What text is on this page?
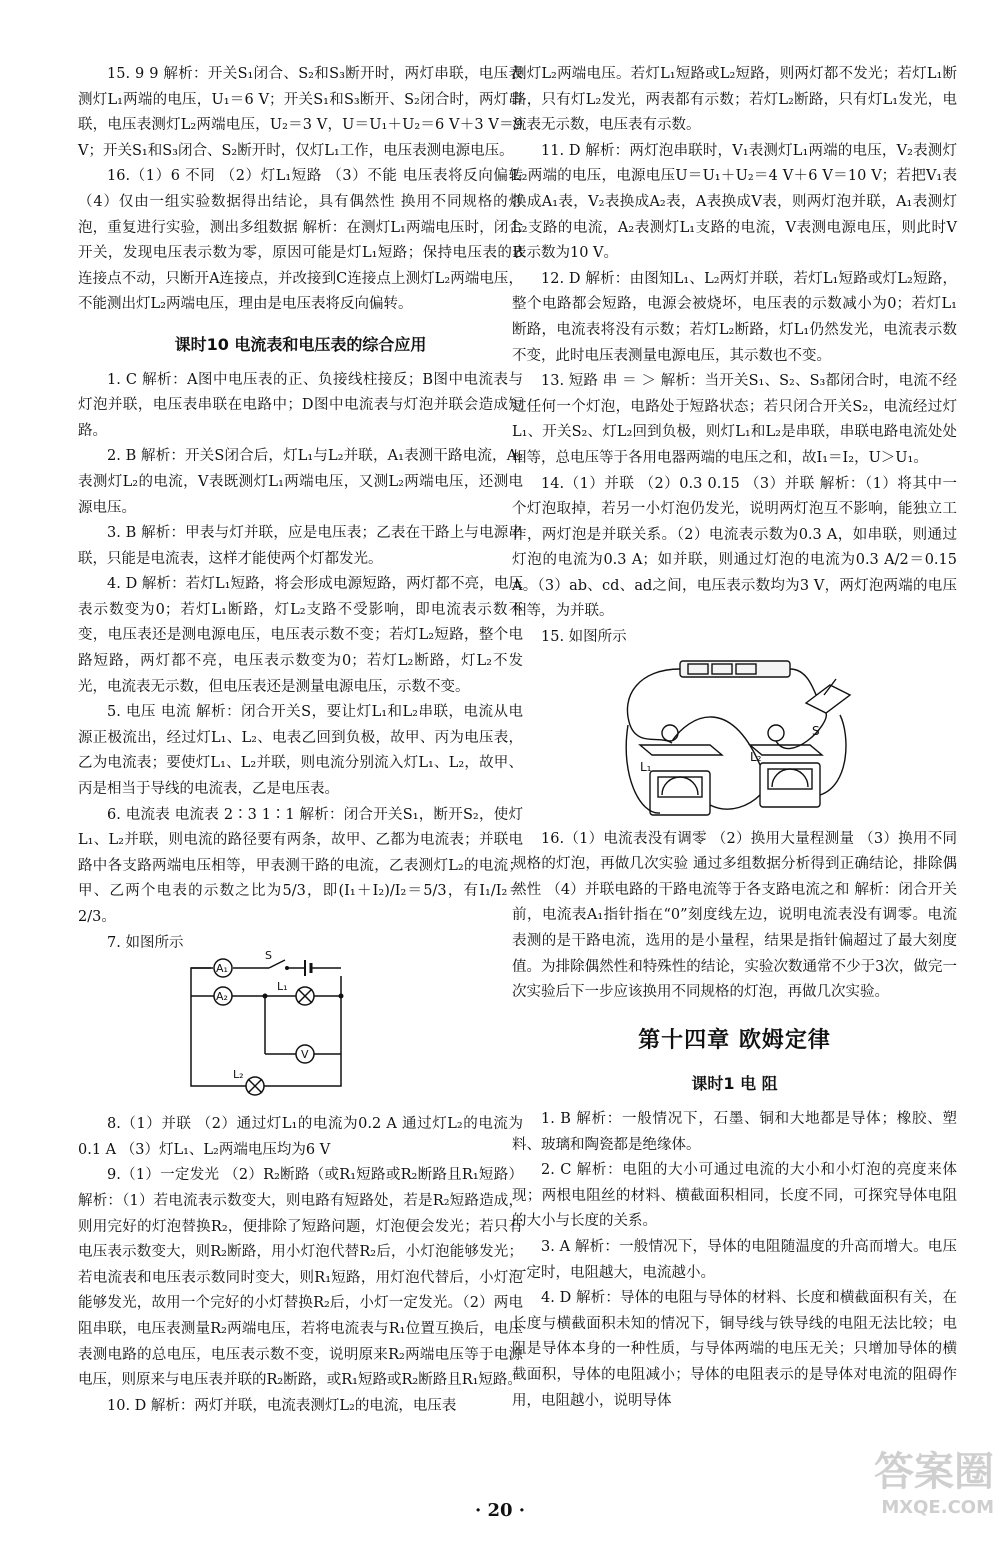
15. 9 9 解析：开关S₁闭合、S₂和S₃断开时，两灯串联，电压表测灯L₁两端的电压，U₁＝6 V；开关S₁和S₃断开、S₂闭合时，两灯串联，电压表测灯L₂两端电压，U₂＝3 V，U＝U₁＋U₂＝6 V＋3 V＝9 V；开关S₁和S₃闭合、S₂断开时，仅灯L₁工作，电压表测电源电压。

16.（1）6 不同 （2）灯L₁短路 （3）不能 电压表将反向偏转 （4）仅由一组实验数据得出结论，具有偶然性 换用不同规格的灯泡，重复进行实验，测出多组数据 解析：在测灯L₁两端电压时，闭合开关，发现电压表示数为零，原因可能是灯L₁短路；保持电压表的B连接点不动，只断开A连接点，并改接到C连接点上测灯L₂两端电压，不能测出灯L₂两端电压，理由是电压表将反向偏转。

课时10 电流表和电压表的综合应用

1. C 解析：A图中电压表的正、负接线柱接反；B图中电流表与灯泡并联，电压表串联在电路中；D图中电流表与灯泡并联会造成短路。

2. B 解析：开关S闭合后，灯L₁与L₂并联，A₁表测干路电流，A₂表测灯L₂的电流，V表既测灯L₁两端电压，又测L₂两端电压，还测电源电压。

3. B 解析：甲表与灯并联，应是电压表；乙表在干路上与电源串联，只能是电流表，这样才能使两个灯都发光。

4. D 解析：若灯L₁短路，将会形成电源短路，两灯都不亮，电压表示数变为0；若灯L₁断路，灯L₂支路不受影响，即电流表示数不变，电压表还是测电源电压，电压表示数不变；若灯L₂短路，整个电路短路，两灯都不亮，电压表示数变为0；若灯L₂断路，灯L₂不发光，电流表无示数，但电压表还是测量电源电压，示数不变。

5. 电压 电流 解析：闭合开关S，要让灯L₁和L₂串联，电流从电源正极流出，经过灯L₁、L₂、电表乙回到负极，故甲、丙为电压表，乙为电流表；要使灯L₁、L₂并联，则电流分别流入灯L₁、L₂，故甲、丙是相当于导线的电流表，乙是电压表。

6. 电流表 电流表 2∶3 1∶1 解析：闭合开关S₁，断开S₂，使灯L₁、L₂并联，则电流的路径要有两条，故甲、乙都为电流表；并联电路中各支路两端电压相等，甲表测干路的电流，乙表测灯L₂的电流；甲、乙两个电表的示数之比为5/3，即(I₁＋I₂)/I₂＝5/3，有I₁/I₂＝2/3。

7. 如图所示

A₁
A₂
S
L₁
V
L₂

8.（1）并联 （2）通过灯L₁的电流为0.2 A 通过灯L₂的电流为0.1 A （3）灯L₁、L₂两端电压均为6 V

9.（1）一定发光 （2）R₂断路（或R₁短路或R₂断路且R₁短路） 解析：（1）若电流表示数变大，则电路有短路处，若是R₂短路造成，则用完好的灯泡替换R₂，便排除了短路问题，灯泡便会发光；若只有电压表示数变大，则R₂断路，用小灯泡代替R₂后，小灯泡能够发光；若电流表和电压表示数同时变大，则R₁短路，用灯泡代替后，小灯泡能够发光，故用一个完好的小灯替换R₂后，小灯一定发光。（2）两电阻串联，电压表测量R₂两端电压，若将电流表与R₁位置互换后，电压表测电路的总电压，电压表示数不变，说明原来R₂两端电压等于电源电压，则原来与电压表并联的R₂断路，或R₁短路或R₂断路且R₁短路。

10. D 解析：两灯并联，电流表测灯L₂的电流，电压表

测灯L₂两端电压。若灯L₁短路或L₂短路，则两灯都不发光；若灯L₁断路，只有灯L₂发光，两表都有示数；若灯L₂断路，只有灯L₁发光，电流表无示数，电压表有示数。

11. D 解析：两灯泡串联时，V₁表测灯L₁两端的电压，V₂表测灯L₂两端的电压，电源电压U＝U₁＋U₂＝4 V＋6 V＝10 V；若把V₁表换成A₁表，V₂表换成A₂表，A表换成V表，则两灯泡并联，A₁表测灯L₂支路的电流，A₂表测灯L₁支路的电流，V表测电源电压，则此时V表示数为10 V。

12. D 解析：由图知L₁、L₂两灯并联，若灯L₁短路或灯L₂短路，整个电路都会短路，电源会被烧坏，电压表的示数减小为0；若灯L₁断路，电流表将没有示数；若灯L₂断路，灯L₁仍然发光，电流表示数不变，此时电压表测量电源电压，其示数也不变。

13. 短路 串 ＝ ＞ 解析：当开关S₁、S₂、S₃都闭合时，电流不经过任何一个灯泡，电路处于短路状态；若只闭合开关S₂，电流经过灯L₁、开关S₂、灯L₂回到负极，则灯L₁和L₂是串联，串联电路电流处处相等，总电压等于各用电器两端的电压之和，故I₁＝I₂，U＞U₁。

14.（1）并联 （2）0.3 0.15 （3）并联 解析：（1）将其中一个灯泡取掉，若另一小灯泡仍发光，说明两灯泡互不影响，能独立工作，两灯泡是并联关系。（2）电流表示数为0.3 A，如串联，则通过灯泡的电流为0.3 A；如并联，则通过灯泡的电流为0.3 A/2＝0.15 A。（3）ab、cd、ad之间，电压表示数均为3 V，两灯泡两端的电压相等，为并联。

15. 如图所示

S
L₁
L₂

16.（1）电流表没有调零 （2）换用大量程测量 （3）换用不同规格的灯泡，再做几次实验 通过多组数据分析得到正确结论，排除偶然性 （4）并联电路的干路电流等于各支路电流之和 解析：闭合开关前，电流表A₁指针指在“0”刻度线左边，说明电流表没有调零。电流表测的是干路电流，选用的是小量程，结果是指针偏超过了最大刻度值。为排除偶然性和特殊性的结论，实验次数通常不少于3次，做完一次实验后下一步应该换用不同规格的灯泡，再做几次实验。

第十四章 欧姆定律
课时1 电 阻

1. B 解析：一般情况下，石墨、铜和大地都是导体；橡胶、塑料、玻璃和陶瓷都是绝缘体。

2. C 解析：电阻的大小可通过电流的大小和小灯泡的亮度来体现；两根电阻丝的材料、横截面积相同，长度不同，可探究导体电阻的大小与长度的关系。

3. A 解析：一般情况下，导体的电阻随温度的升高而增大。电压一定时，电阻越大，电流越小。

4. D 解析：导体的电阻与导体的材料、长度和横截面积有关，在长度与横截面积未知的情况下，铜导线与铁导线的电阻无法比较；电阻是导体本身的一种性质，与导体两端的电压无关；只增加导体的横截面积，导体的电阻减小；导体的电阻表示的是导体对电流的阻碍作用，电阻越小，说明导体

· 20 ·
答案圈
MXQE.COM
